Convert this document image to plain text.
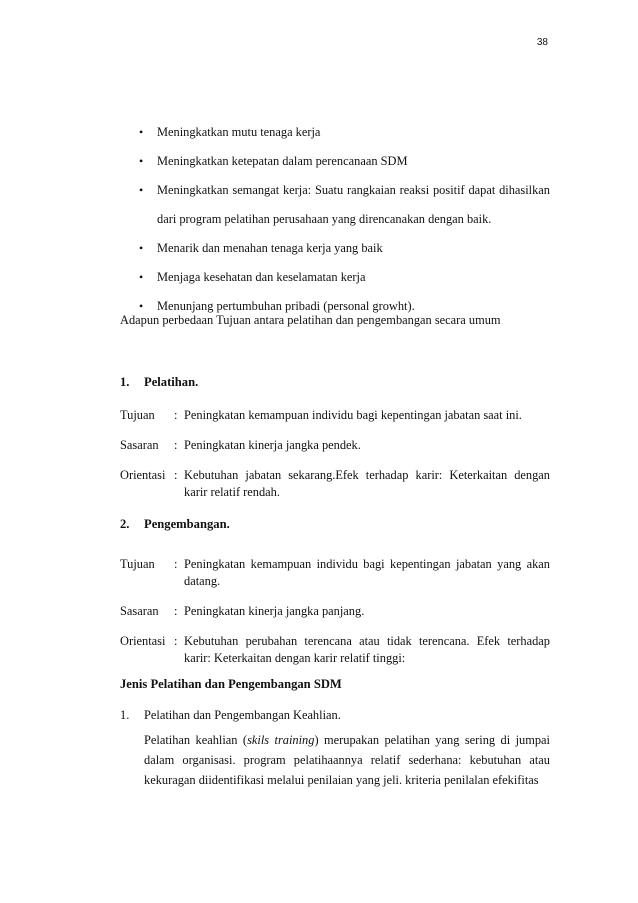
38
• Meningkatkan mutu tenaga kerja
• Meningkatkan ketepatan dalam perencanaan SDM
• Meningkatkan semangat kerja: Suatu rangkaian reaksi positif dapat dihasilkan dari program pelatihan perusahaan yang direncanakan dengan baik.
• Menarik dan menahan tenaga kerja yang baik
• Menjaga kesehatan dan keselamatan kerja
• Menunjang pertumbuhan pribadi (personal growht).

Adapun perbedaan Tujuan antara pelatihan dan pengembangan secara umum

1. Pelatihan.

Tujuan	: Peningkatan kemampuan individu bagi kepentingan jabatan saat ini.
Sasaran	: Peningkatan kinerja jangka pendek.
Orientasi : Kebutuhan jabatan sekarang.Efek terhadap karir: Keterkaitan dengan karir relatif rendah.

2. Pengembangan.

Tujuan	: Peningkatan kemampuan individu bagi kepentingan jabatan yang akan datang.
Sasaran	: Peningkatan kinerja jangka panjang.
Orientasi : Kebutuhan perubahan terencana atau tidak terencana. Efek terhadap karir: Keterkaitan dengan karir relatif tinggi:

Jenis Pelatihan dan Pengembangan SDM

1. Pelatihan dan Pengembangan Keahlian.

Pelatihan keahlian (skils training) merupakan pelatihan yang sering di jumpai dalam organisasi. program pelatihaannya relatif sederhana: kebutuhan atau kekuragan diidentifikasi melalui penilaian yang jeli. kriteria penilalan efekifitas
